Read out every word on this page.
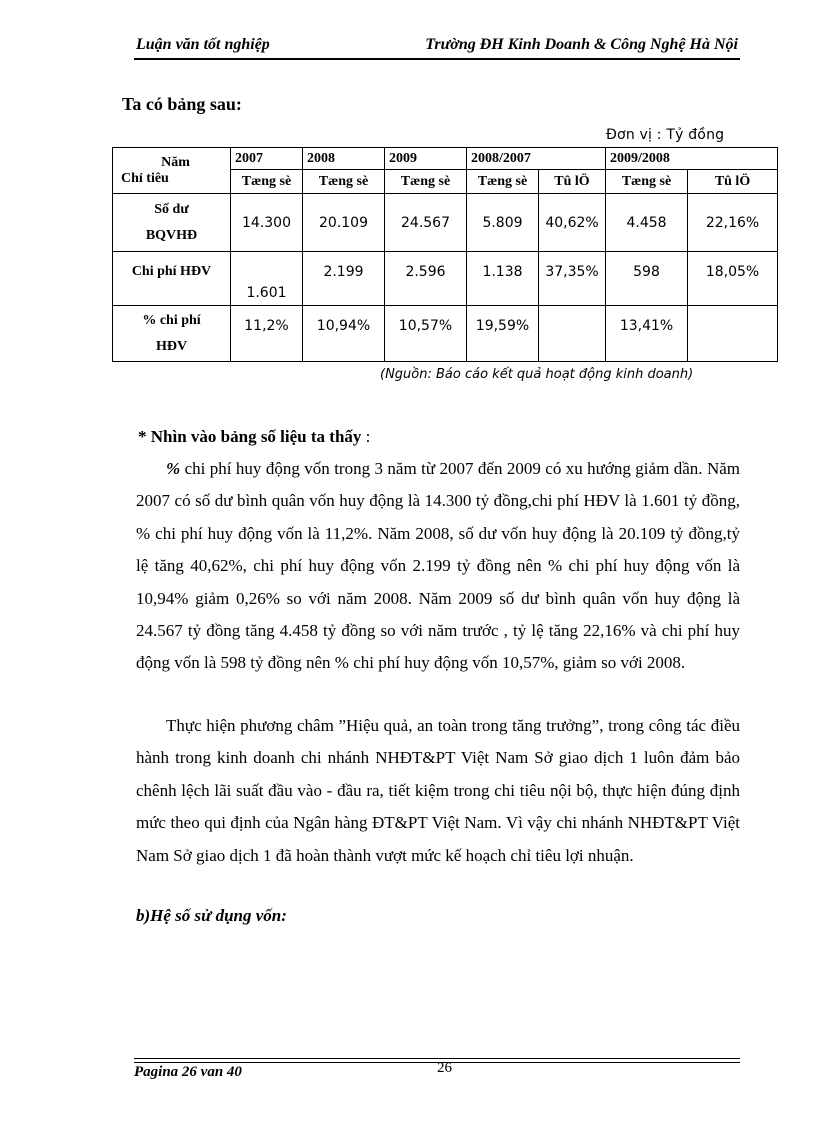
Luận văn tốt nghiệp	Trường ĐH Kinh Doanh & Công Nghệ Hà Nội
Ta có bảng sau:
Đơn vị : Tỷ đồng
Năm
Chỉ tiêu	2007	2008	2009	2008/2007		2009/2008	
	Tæng sè	Tæng sè	Tæng sè	Tæng sè	Tû lÖ	Tæng sè	Tû lÖ

Số dư
BQVHĐ	14.300	20.109	24.567	5.809	40,62%	4.458	22,16%
Chi phí HĐV	1.601	2.199	2.596	1.138	37,35%	598	18,05%

% chi phí
HĐV	11,2%	10,94%	10,57%	19,59%		13,41%	
(Nguồn: Báo cáo kết quả hoạt động kinh doanh)
* Nhìn vào bảng số liệu ta thấy :

% chi phí huy động vốn trong 3 năm từ 2007 đến 2009 có xu hướng giảm dần. Năm 2007 có số dư bình quân vốn huy động là 14.300 tỷ đồng,chi phí HĐV là 1.601 tỷ đồng, % chi phí huy động vốn là 11,2%. Năm 2008, số dư vốn huy động là 20.109 tỷ đồng,tỷ lệ tăng 40,62%, chi phí huy động vốn 2.199 tỷ đồng nên % chi phí huy động vốn là 10,94% giảm 0,26% so với năm 2008. Năm 2009 số dư bình quân vốn huy động là 24.567 tỷ đồng tăng 4.458 tỷ đồng so với năm trước , tỷ lệ tăng 22,16% và chi phí huy động vốn là 598 tỷ đồng nên % chi phí huy động vốn 10,57%, giảm so với 2008.

Thực hiện phương châm ”Hiệu quả, an toàn trong tăng trưởng”, trong công tác điều hành trong kinh doanh chi nhánh NHĐT&PT Việt Nam Sở giao dịch 1 luôn đảm bảo chênh lệch lãi suất đầu vào - đầu ra, tiết kiệm trong chi tiêu nội bộ, thực hiện đúng định mức theo qui định của Ngân hàng ĐT&PT Việt Nam. Vì vậy chi nhánh NHĐT&PT Việt Nam Sở giao dịch 1 đã hoàn thành vượt mức kế hoạch chỉ tiêu lợi nhuận.

b)Hệ số sử dụng vốn:
Pagina 26 van 40	26
